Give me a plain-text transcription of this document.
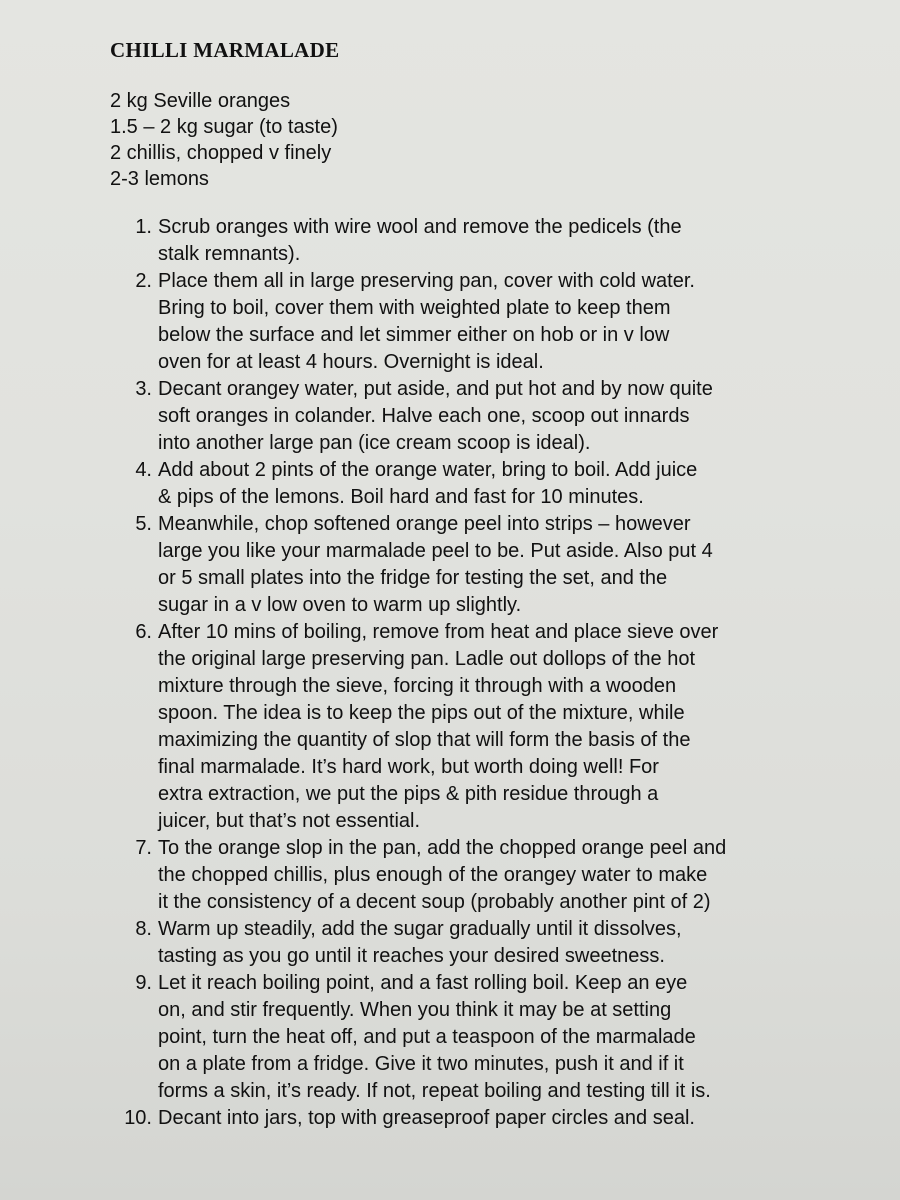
CHILLI MARMALADE
2 kg Seville oranges
1.5 – 2 kg sugar (to taste)
2 chillis, chopped v finely
2-3 lemons
1. Scrub oranges with wire wool and remove the pedicels (the
stalk remnants).
2. Place them all in large preserving pan, cover with cold water.
Bring to boil, cover them with weighted plate to keep them
below the surface and let simmer either on hob or in v low
oven for at least 4 hours. Overnight is ideal.
3. Decant orangey water, put aside, and put hot and by now quite
soft oranges in colander. Halve each one, scoop out innards
into another large pan (ice cream scoop is ideal).
4. Add about 2 pints of the orange water, bring to boil. Add juice
& pips of the lemons. Boil hard and fast for 10 minutes.
5. Meanwhile, chop softened orange peel into strips – however
large you like your marmalade peel to be. Put aside. Also put 4
or 5 small plates into the fridge for testing the set, and the
sugar in a v low oven to warm up slightly.
6. After 10 mins of boiling, remove from heat and place sieve over
the original large preserving pan. Ladle out dollops of the hot
mixture through the sieve, forcing it through with a wooden
spoon. The idea is to keep the pips out of the mixture, while
maximizing the quantity of slop that will form the basis of the
final marmalade. It’s hard work, but worth doing well! For
extra extraction, we put the pips & pith residue through a
juicer, but that’s not essential.
7. To the orange slop in the pan, add the chopped orange peel and
the chopped chillis, plus enough of the orangey water to make
it the consistency of a decent soup (probably another pint of 2)
8. Warm up steadily, add the sugar gradually until it dissolves,
tasting as you go until it reaches your desired sweetness.
9. Let it reach boiling point, and a fast rolling boil. Keep an eye
on, and stir frequently. When you think it may be at setting
point, turn the heat off, and put a teaspoon of the marmalade
on a plate from a fridge. Give it two minutes, push it and if it
forms a skin, it’s ready. If not, repeat boiling and testing till it is.
10. Decant into jars, top with greaseproof paper circles and seal.
